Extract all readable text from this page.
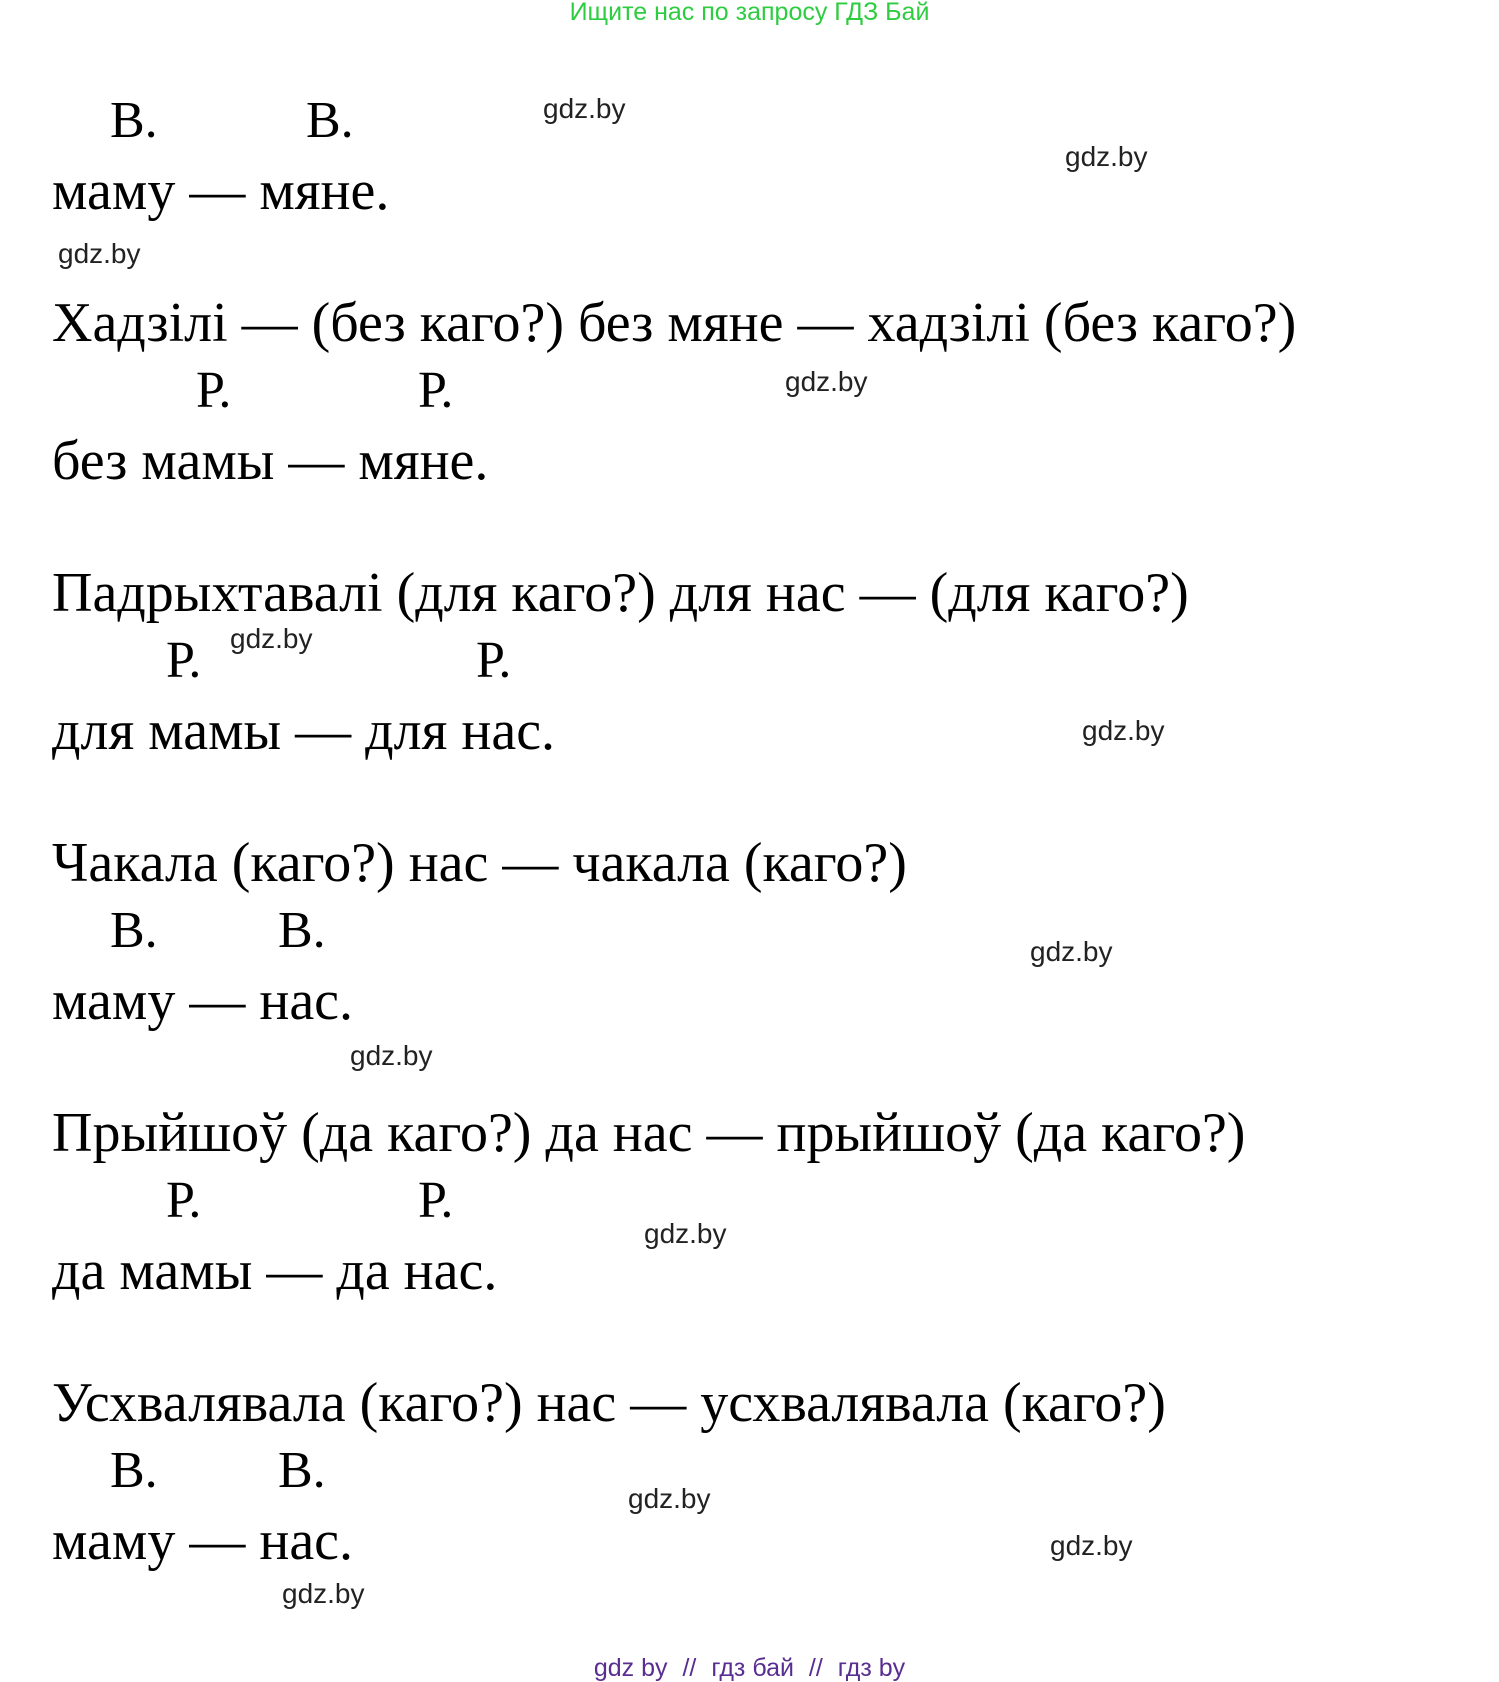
Ищите нас по запросу ГДЗ Бай
В.	В.
маму — мяне.
Хадзілі — (без каго?) без мяне — хадзілі (без каго?)
Р.	Р.
без мамы — мяне.
Падрыхтавалі (для каго?) для нас — (для каго?)
Р.	Р.
для мамы — для нас.
Чакала (каго?) нас — чакала (каго?)
В. В.
маму — нас.
Прыйшоў (да каго?) да нас — прыйшоў (да каго?)
Р.	Р.
да мамы — да нас.
Усхвалявала (каго?) нас — усхвалявала (каго?)
В. В.
маму — нас.
gdz.by
gdz.by
gdz.by
gdz.by
gdz.by
gdz.by
gdz.by
gdz.by
gdz.by
gdz.by
gdz.by
gdz.by
gdz by // гдз бай // гдз by
